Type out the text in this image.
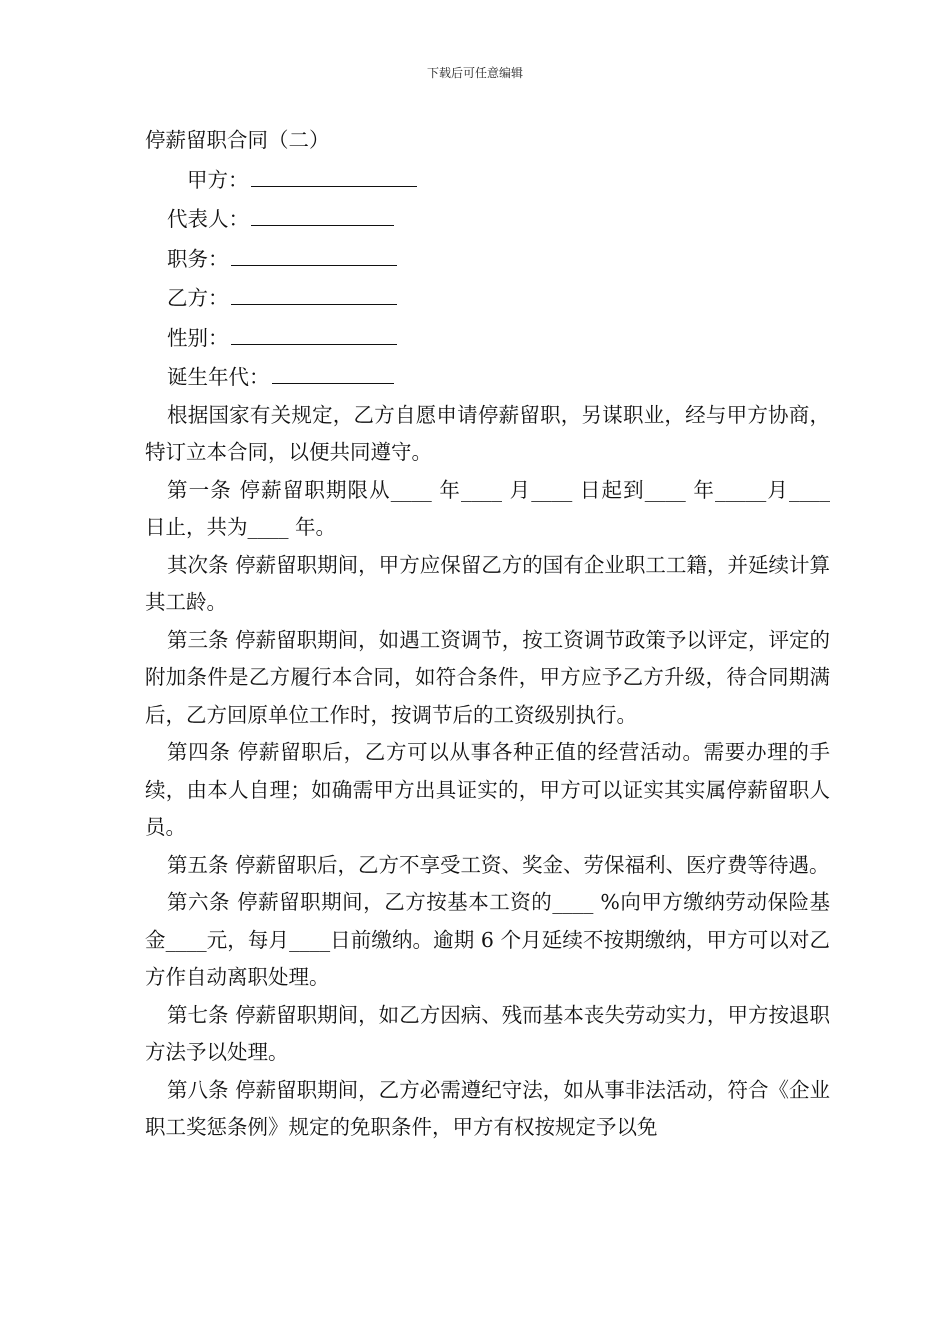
下载后可任意编辑
停薪留职合同（二）
甲方：
代表人：
职务：
乙方：
性别：
诞生年代：

根据国家有关规定，乙方自愿申请停薪留职，另谋职业，经与甲方协商，特订立本合同，以便共同遵守。

第一条 停薪留职期限从____ 年____ 月____ 日起到____ 年_____月____ 日止，共为____ 年。

其次条 停薪留职期间，甲方应保留乙方的国有企业职工工籍，并延续计算其工龄。

第三条 停薪留职期间，如遇工资调节，按工资调节政策予以评定，评定的附加条件是乙方履行本合同，如符合条件，甲方应予乙方升级，待合同期满后，乙方回原单位工作时，按调节后的工资级别执行。

第四条 停薪留职后，乙方可以从事各种正值的经营活动。需要办理的手续，由本人自理；如确需甲方出具证实的，甲方可以证实其实属停薪留职人员。

第五条 停薪留职后，乙方不享受工资、奖金、劳保福利、医疗费等待遇。

第六条 停薪留职期间，乙方按基本工资的____ %向甲方缴纳劳动保险基金____元，每月____日前缴纳。逾期 6 个月延续不按期缴纳，甲方可以对乙方作自动离职处理。

第七条 停薪留职期间，如乙方因病、残而基本丧失劳动实力，甲方按退职方法予以处理。

第八条 停薪留职期间，乙方必需遵纪守法，如从事非法活动，符合《企业职工奖惩条例》规定的免职条件，甲方有权按规定予以免
